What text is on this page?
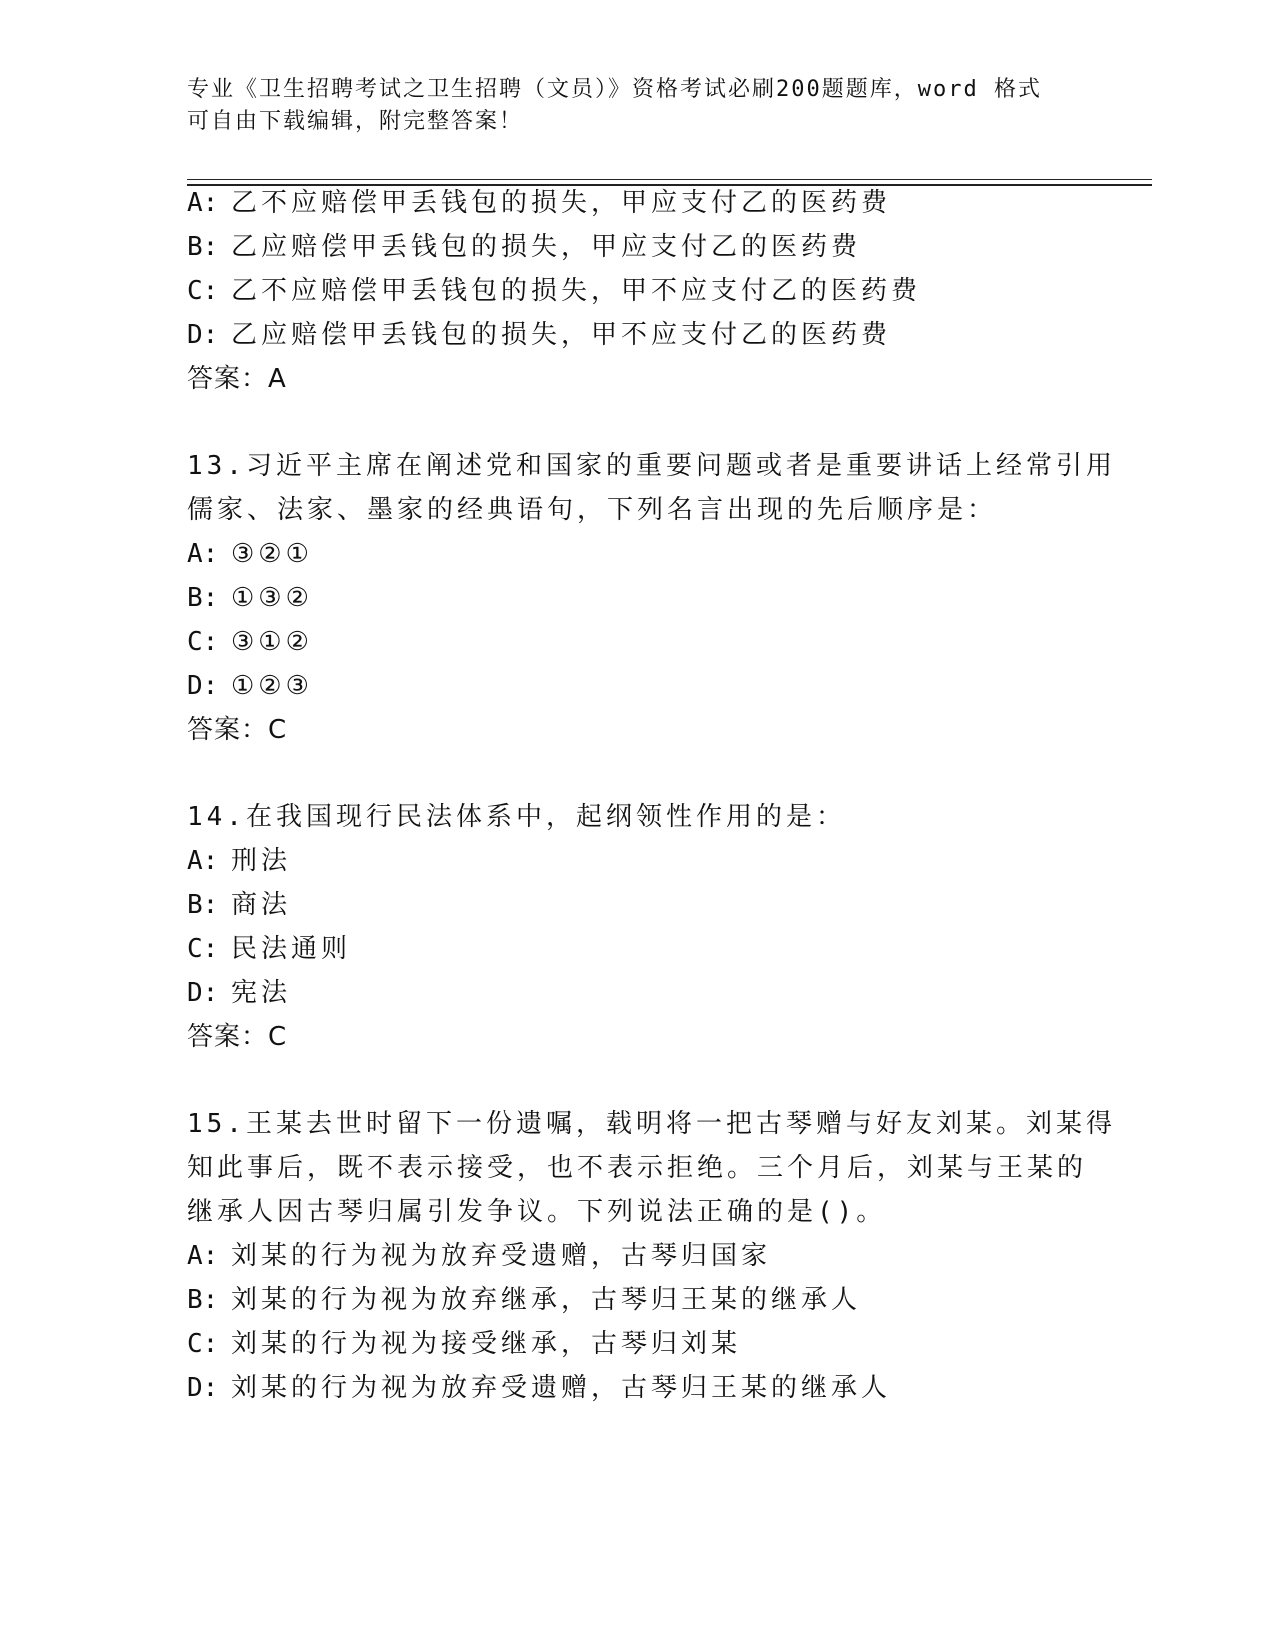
专业《卫生招聘考试之卫生招聘（文员）》资格考试必刷200题题库，word 格式
可自由下载编辑，附完整答案！
A: 乙不应赔偿甲丢钱包的损失，甲应支付乙的医药费
B: 乙应赔偿甲丢钱包的损失，甲应支付乙的医药费
C: 乙不应赔偿甲丢钱包的损失，甲不应支付乙的医药费
D: 乙应赔偿甲丢钱包的损失，甲不应支付乙的医药费
答案：A
13.习近平主席在阐述党和国家的重要问题或者是重要讲话上经常引用
儒家、法家、墨家的经典语句，下列名言出现的先后顺序是：
A: ③②①
B: ①③②
C: ③①②
D: ①②③
答案：C
14.在我国现行民法体系中，起纲领性作用的是：
A: 刑法
B: 商法
C: 民法通则
D: 宪法
答案：C
15.王某去世时留下一份遗嘱，载明将一把古琴赠与好友刘某。刘某得
知此事后，既不表示接受，也不表示拒绝。三个月后，刘某与王某的
继承人因古琴归属引发争议。下列说法正确的是()。
A: 刘某的行为视为放弃受遗赠，古琴归国家
B: 刘某的行为视为放弃继承，古琴归王某的继承人
C: 刘某的行为视为接受继承，古琴归刘某
D: 刘某的行为视为放弃受遗赠，古琴归王某的继承人
